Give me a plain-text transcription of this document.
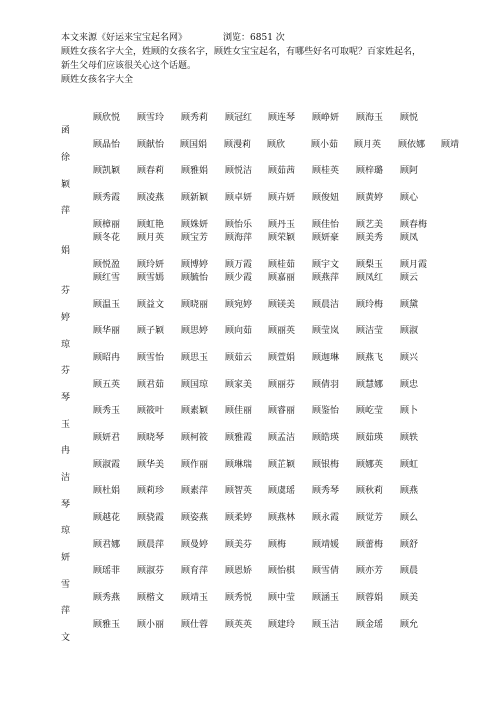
本文来源《好运来宝宝起名网》	浏览：6851 次
顾姓女孩名字大全，姓顾的女孩名字，顾姓女宝宝起名，有哪些好名可取呢？百家姓起名，
新生父母们应该很关心这个话题。
顾姓女孩名字大全
顾欣悦 顾雪玲 顾秀莉 顾冠红 顾连琴 顾峥妍 顾海玉 顾悦
函
顾晶怡 顾献怡 顾国娟 顾漫莉 顾欣	顾小茹 顾月英 顾依娜 顾靖
徐
顾凯颖 顾春莉 顾雅娟 顾悦洁 顾茹茜 顾桂英 顾梓璐 顾阿
颖
顾秀霞 顾凌燕 顾新颖 顾卓妍 顾卉妍 顾俊妞 顾黄婷 顾心
萍
顾樟丽 顾虹艳 顾姝妍 顾怡乐 顾丹玉 顾佳怡 顾艺美 顾春梅
顾冬花 顾月英 顾宝芳 顾海萍 顾荣颖 顾妍豪 顾美秀 顾凤
娟
顾悦盈 顾玲妍 顾博婷 顾万霞 顾桂茹 顾宇文 顾梨玉 顾月霞
顾红雪 顾雪嫣 顾毓怡 顾少霞 顾嘉丽 顾燕萍 顾凤红 顾云
芬
顾温玉 顾益文 顾晓丽 顾宛婷 顾镁美 顾晨洁 顾玲梅 顾黛
婷
顾华丽 顾子颖 顾思婷 顾向茹 顾丽英 顾莹岚 顾洁莹 顾淑
琼
顾昭冉 顾雪怡 顾思玉 顾茹云 顾萱娟 顾迦琳 顾燕飞 顾兴
芬
顾五英 顾君茹 顾国琼 顾家美 顾丽芬 顾倩羽 顾慧娜 顾忠
琴
顾秀玉 顾筱叶 顾素颖 顾佳丽 顾睿丽 顾鉴怡 顾屹莹 顾卜
玉
顾妍君 顾晓琴 顾柯筱 顾雅霞 顾孟洁 顾皓瑛 顾茹瑛 顾轶
冉
顾淑霞 顾华美 顾作丽 顾琳瑞 顾芷颖 顾银梅 顾娜英 顾虹
洁
顾杜娟 顾莉珍 顾素萍 顾智英 顾虞瑶 顾秀琴 顾秋莉 顾燕
琴
顾越花 顾骁霞 顾姿燕 顾柔婷 顾燕林 顾永霞 顾觉芳 顾么
琼
顾君娜 顾晨萍 顾曼婷 顾美芬 顾梅	顾靖媛 顾蕾梅 顾舒
妍
顾瑶菲 顾淑芬 顾育萍 顾恩娇 顾怡棋 顾雪倩 顾亦芳 顾晨
雪
顾秀燕 顾楷文 顾靖玉 顾秀悦 顾中莹 顾涵玉 顾蓉娟 顾美
萍
顾雅玉 顾小丽 顾仕蓉 顾英英 顾建玲 顾玉洁 顾金瑶 顾允
文
